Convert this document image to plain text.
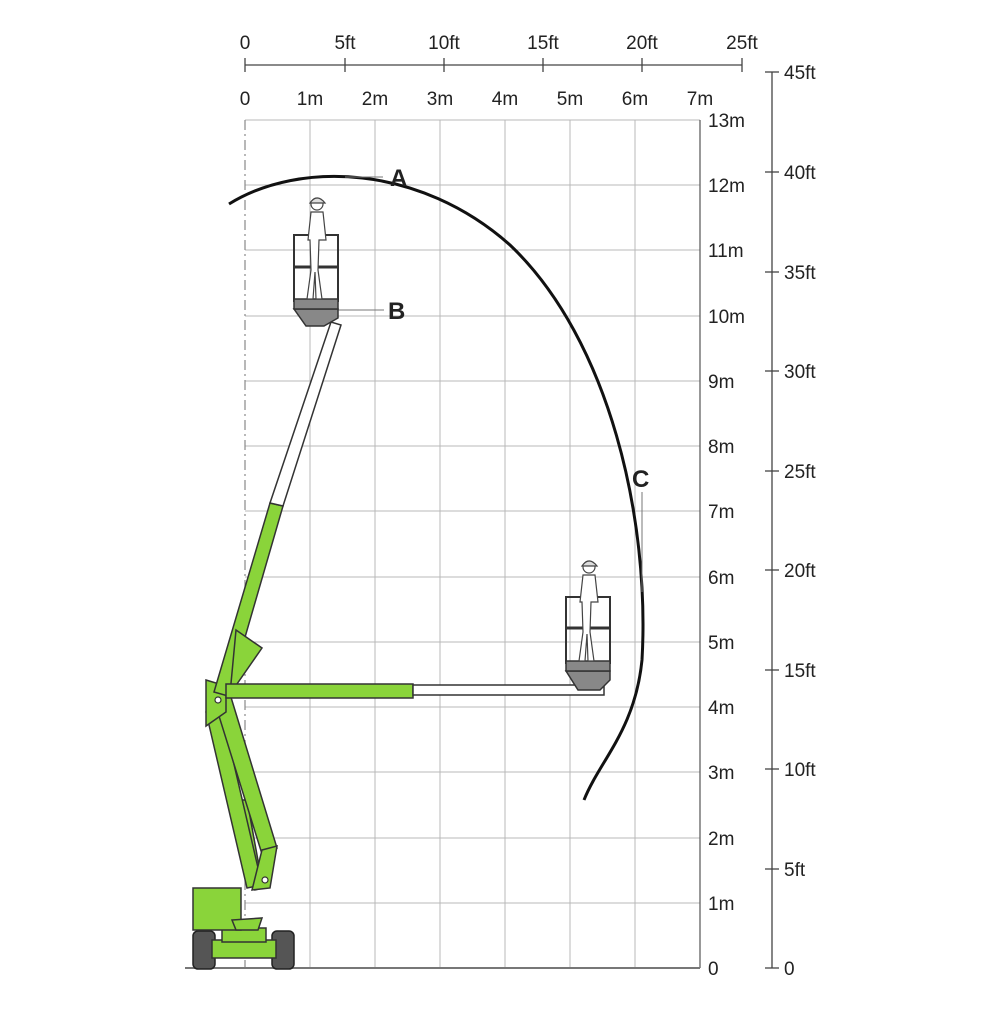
0	5ft	10ft	15ft	20ft	25ft
0 1m 2m 3m 4m 5m 6m 7m
0
1m
2m
3m
4m
5m
6m
7m
8m
9m
10m
11m
12m
13m
0
5ft
10ft
15ft
20ft
25ft
30ft
35ft
40ft
45ft
A
B
C
